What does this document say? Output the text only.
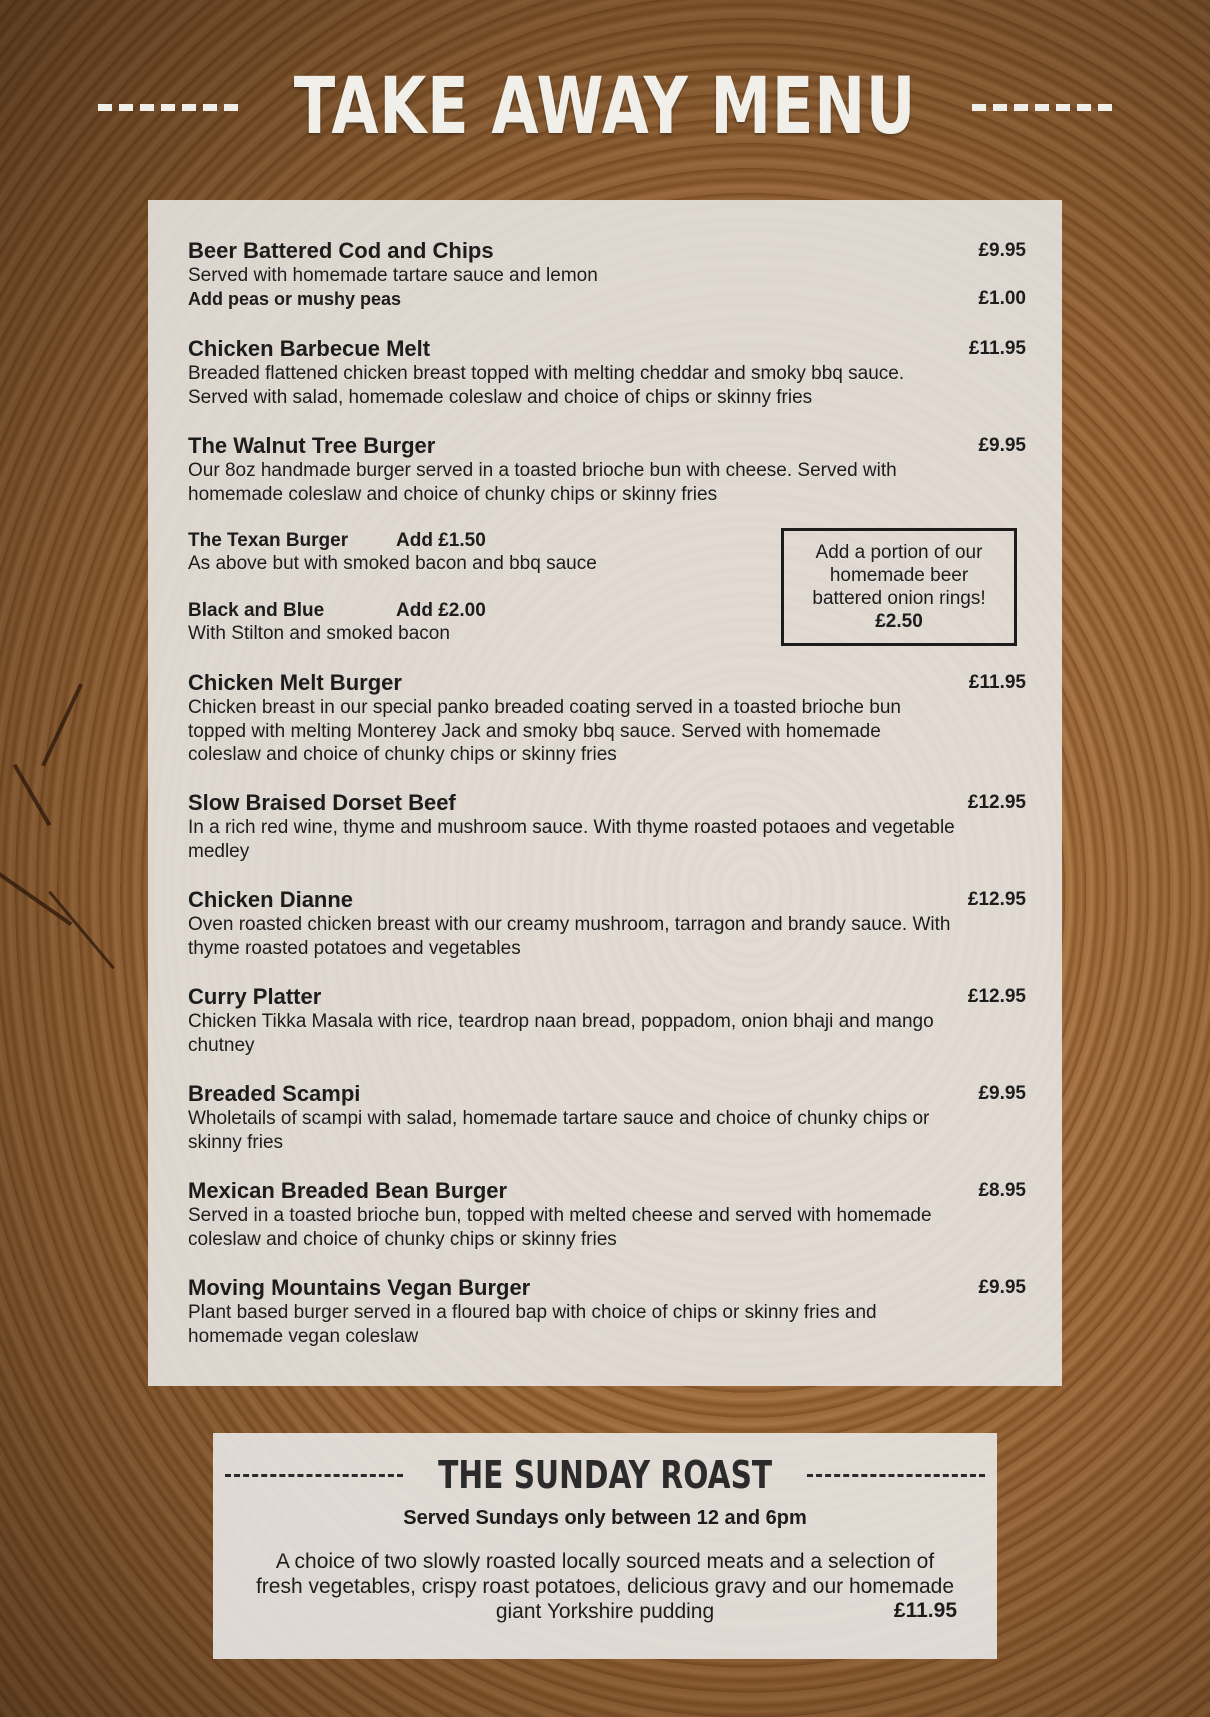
TAKE AWAY MENU
Beer Battered Cod and Chips	£9.95
Served with homemade tartare sauce and lemon
Add peas or mushy peas	£1.00
Chicken Barbecue Melt	£11.95
Breaded flattened chicken breast topped with melting cheddar and smoky bbq sauce. Served with salad, homemade coleslaw and choice of chips or skinny fries
The Walnut Tree Burger	£9.95
Our 8oz handmade burger served in a toasted brioche bun with cheese. Served with homemade coleslaw and choice of chunky chips or skinny fries
The Texan Burger	Add £1.50
As above but with smoked bacon and bbq sauce
Black and Blue	Add £2.00
With Stilton and smoked bacon
Add a portion of our
homemade beer
battered onion rings!
£2.50
Chicken Melt Burger	£11.95
Chicken breast in our special panko breaded coating served in a toasted brioche bun topped with melting Monterey Jack and smoky bbq sauce. Served with homemade coleslaw and choice of chunky chips or skinny fries
Slow Braised Dorset Beef	£12.95
In a rich red wine, thyme and mushroom sauce. With thyme roasted potaoes and vegetable medley
Chicken Dianne	£12.95
Oven roasted chicken breast with our creamy mushroom, tarragon and brandy sauce. With thyme roasted potatoes and vegetables
Curry Platter	£12.95
Chicken Tikka Masala with rice, teardrop naan bread, poppadom, onion bhaji and mango chutney
Breaded Scampi	£9.95
Wholetails of scampi with salad, homemade tartare sauce and choice of chunky chips or skinny fries
Mexican Breaded Bean Burger	£8.95
Served in a toasted brioche bun, topped with melted cheese and served with homemade coleslaw and choice of chunky chips or skinny fries
Moving Mountains Vegan Burger	£9.95
Plant based burger served in a floured bap with choice of chips or skinny fries and homemade vegan coleslaw
THE SUNDAY ROAST
Served Sundays only between 12 and 6pm
A choice of two slowly roasted locally sourced meats and a selection of fresh vegetables, crispy roast potatoes, delicious gravy and our homemade giant Yorkshire pudding	£11.95
